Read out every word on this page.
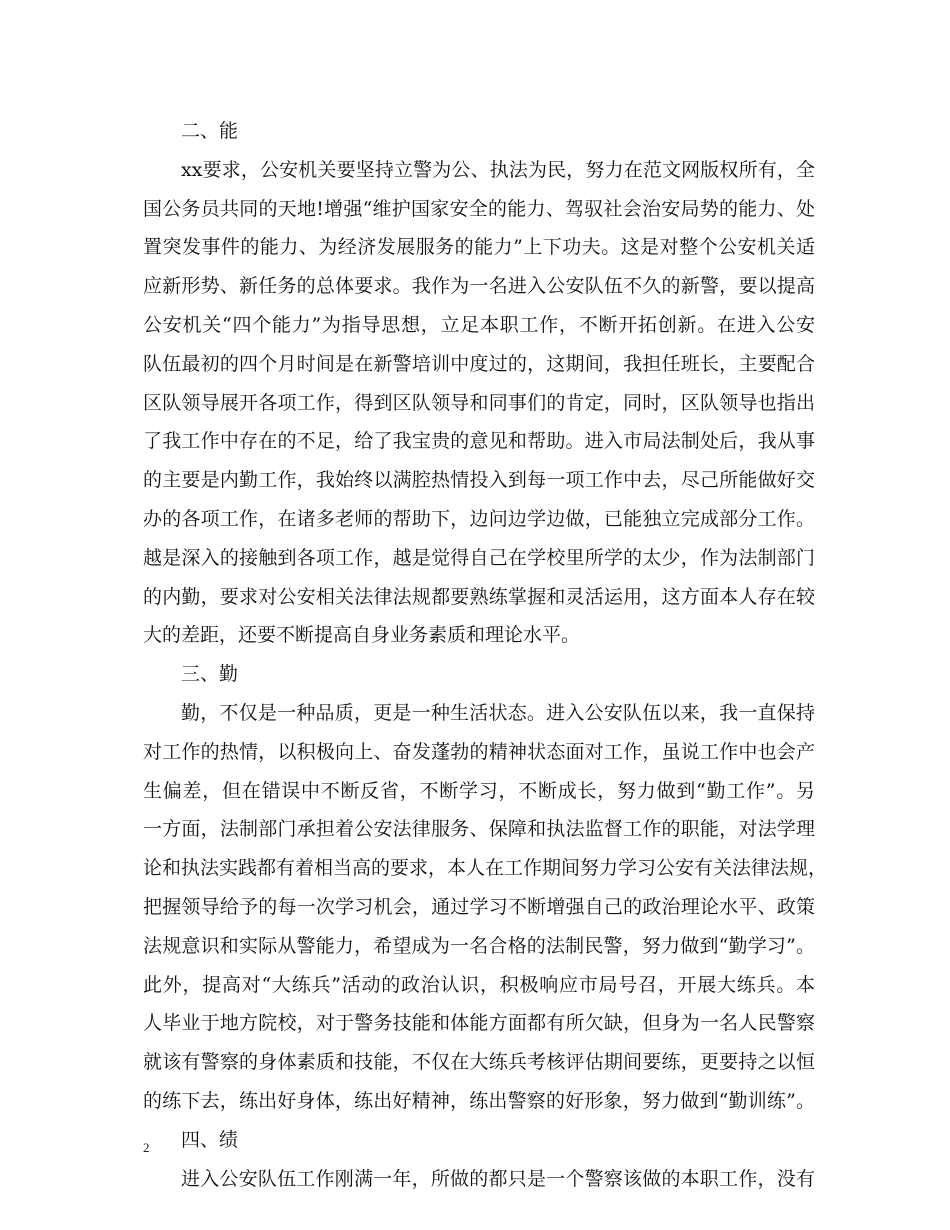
二、能
xx要求，公安机关要坚持立警为公、执法为民，努力在范文网版权所有，全
国公务员共同的天地!增强“维护国家安全的能力、驾驭社会治安局势的能力、处
置突发事件的能力、为经济发展服务的能力”上下功夫。这是对整个公安机关适
应新形势、新任务的总体要求。我作为一名进入公安队伍不久的新警，要以提高
公安机关“四个能力”为指导思想，立足本职工作，不断开拓创新。在进入公安
队伍最初的四个月时间是在新警培训中度过的，这期间，我担任班长，主要配合
区队领导展开各项工作，得到区队领导和同事们的肯定，同时，区队领导也指出
了我工作中存在的不足，给了我宝贵的意见和帮助。进入市局法制处后，我从事
的主要是内勤工作，我始终以满腔热情投入到每一项工作中去，尽己所能做好交
办的各项工作，在诸多老师的帮助下，边问边学边做，已能独立完成部分工作。
越是深入的接触到各项工作，越是觉得自己在学校里所学的太少，作为法制部门
的内勤，要求对公安相关法律法规都要熟练掌握和灵活运用，这方面本人存在较
大的差距，还要不断提高自身业务素质和理论水平。
三、勤
勤，不仅是一种品质，更是一种生活状态。进入公安队伍以来，我一直保持
对工作的热情，以积极向上、奋发蓬勃的精神状态面对工作，虽说工作中也会产
生偏差，但在错误中不断反省，不断学习，不断成长，努力做到“勤工作”。另
一方面，法制部门承担着公安法律服务、保障和执法监督工作的职能，对法学理
论和执法实践都有着相当高的要求，本人在工作期间努力学习公安有关法律法规，
把握领导给予的每一次学习机会，通过学习不断增强自己的政治理论水平、政策
法规意识和实际从警能力，希望成为一名合格的法制民警，努力做到“勤学习”。
此外，提高对“大练兵”活动的政治认识，积极响应市局号召，开展大练兵。本
人毕业于地方院校，对于警务技能和体能方面都有所欠缺，但身为一名人民警察
就该有警察的身体素质和技能，不仅在大练兵考核评估期间要练，更要持之以恒
的练下去，练出好身体，练出好精神，练出警察的好形象，努力做到“勤训练”。
四、绩
进入公安队伍工作刚满一年，所做的都只是一个警察该做的本职工作，没有
2
